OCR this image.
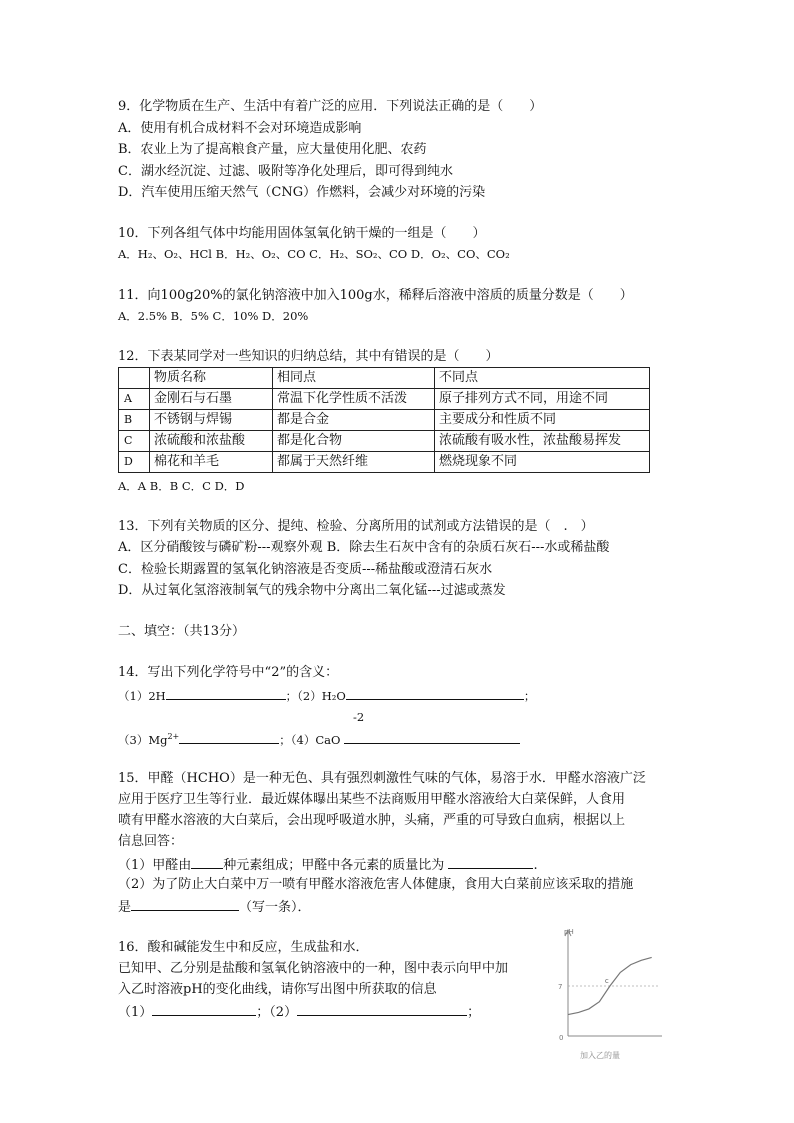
9．化学物质在生产、生活中有着广泛的应用．下列说法正确的是（　　）
A．使用有机合成材料不会对环境造成影响
B．农业上为了提高粮食产量，应大量使用化肥、农药
C．湖水经沉淀、过滤、吸附等净化处理后，即可得到纯水
D．汽车使用压缩天然气（CNG）作燃料，会减少对环境的污染
10．下列各组气体中均能用固体氢氧化钠干燥的一组是（　　）
A．H₂、O₂、HCl B．H₂、O₂、CO C．H₂、SO₂、CO D．O₂、CO、CO₂
11．向100g20%的氯化钠溶液中加入100g水，稀释后溶液中溶质的质量分数是（　　）
A．2.5% B．5% C．10% D．20%
12．下表某同学对一些知识的归纳总结，其中有错误的是（　　）
	物质名称	相同点	不同点
A	金刚石与石墨	常温下化学性质不活泼	原子排列方式不同，用途不同
B	不锈钢与焊锡	都是合金	主要成分和性质不同
C	浓硫酸和浓盐酸	都是化合物	浓硫酸有吸水性，浓盐酸易挥发
D	棉花和羊毛	都属于天然纤维	燃烧现象不同
A．A B．B C．C D．D
13．下列有关物质的区分、提纯、检验、分离所用的试剂或方法错误的是（　.　）
A．区分硝酸铵与磷矿粉---观察外观 B．除去生石灰中含有的杂质石灰石---水或稀盐酸
C．检验长期露置的氢氧化钠溶液是否变质---稀盐酸或澄清石灰水
D．从过氧化氢溶液制氧气的残余物中分离出二氧化锰---过滤或蒸发
二、填空：（共13分）
14．写出下列化学符号中“2”的含义：
（1）2H	；（2）H₂O	；
-2
$(3)Mg^{2+}$	；（4）CaO
15．甲醛（HCHO）是一种无色、具有强烈刺激性气味的气体，易溶于水．甲醛水溶液广泛
应用于医疗卫生等行业．最近媒体曝出某些不法商贩用甲醛水溶液给大白菜保鲜，人食用
喷有甲醛水溶液的大白菜后，会出现呼吸道水肿，头痛，严重的可导致白血病，根据以上
信息回答：
（1）甲醛由 种元素组成；甲醛中各元素的质量比为	.
（2）为了防止大白菜中万一喷有甲醛水溶液危害人体健康，食用大白菜前应该采取的措施
是	（写一条）．
16．酸和碱能发生中和反应，生成盐和水．
已知甲、乙分别是盐酸和氢氧化钠溶液中的一种，图中表示向甲中加
入乙时溶液pH的变化曲线，请你写出图中所获取的信息
（1）	；（2）	；
pH
7
0
加入乙的量
c
